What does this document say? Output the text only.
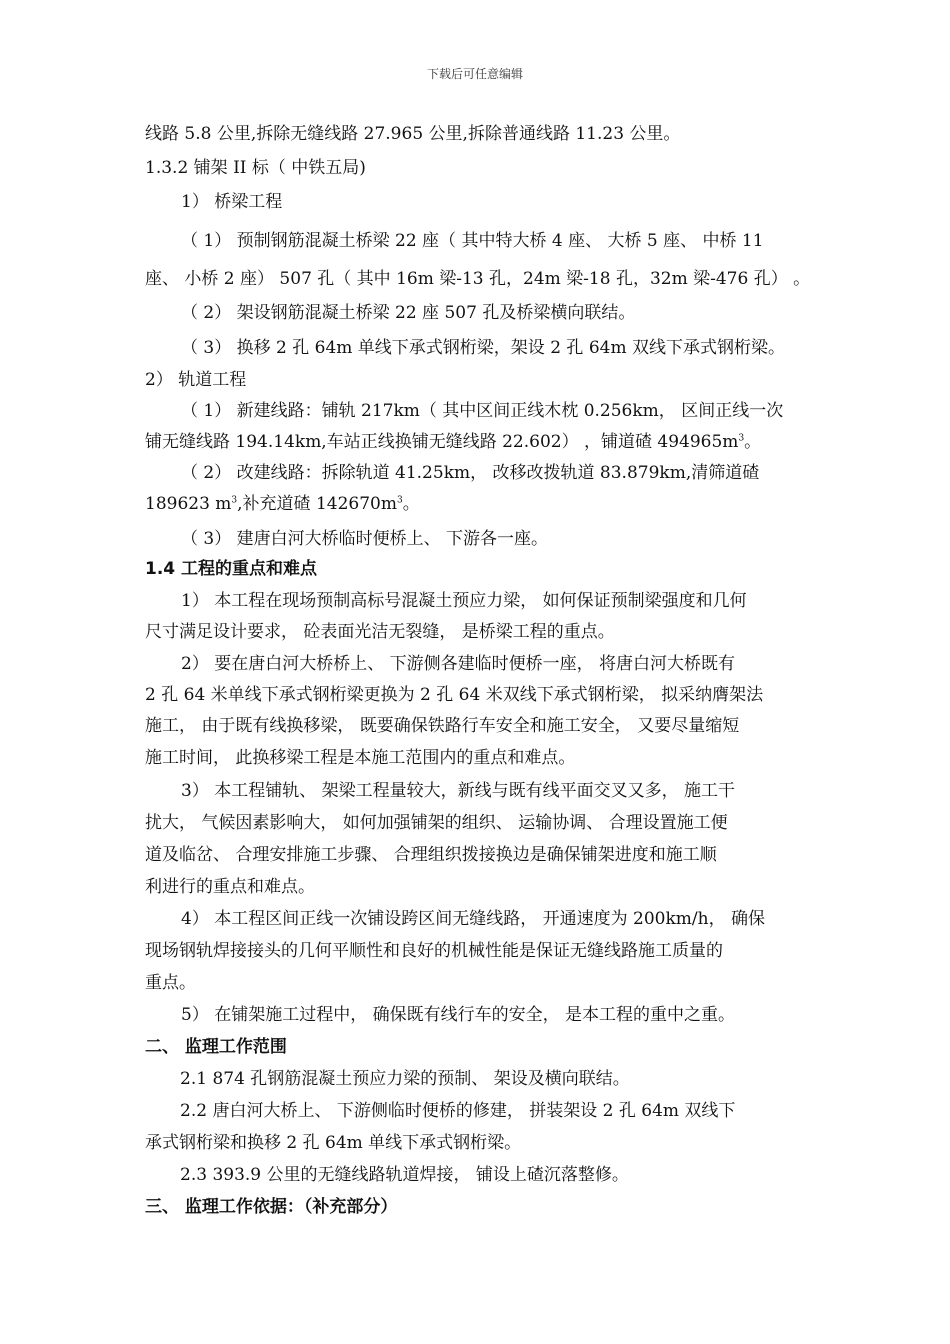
下载后可任意编辑
线路 5.8 公里,拆除无缝线路 27.965 公里,拆除普通线路 11.23 公里。
1.3.2 铺架 II 标（ 中铁五局)
1） 桥梁工程
（ 1） 预制钢筋混凝土桥梁 22 座（ 其中特大桥 4 座、 大桥 5 座、 中桥 11
座、 小桥 2 座） 507 孔（ 其中 16m 梁-13 孔，24m 梁-18 孔，32m 梁-476 孔） 。
（ 2） 架设钢筋混凝土桥梁 22 座 507 孔及桥梁横向联结。
（ 3） 换移 2 孔 64m 单线下承式钢桁梁，架设 2 孔 64m 双线下承式钢桁梁。
2） 轨道工程
（ 1） 新建线路：铺轨 217km（ 其中区间正线木枕 0.256km， 区间正线一次
铺无缝线路 194.14km,车站正线换铺无缝线路 22.602） ，铺道碴 $494965m^3$。
（ 2） 改建线路：拆除轨道 41.25km， 改移改拨轨道 83.879km,清筛道碴
189623 $m^3$,补充道碴 $142670m^3$。
（ 3） 建唐白河大桥临时便桥上、 下游各一座。
1.4 工程的重点和难点
1） 本工程在现场预制高标号混凝土预应力梁， 如何保证预制梁强度和几何
尺寸满足设计要求， 砼表面光洁无裂缝， 是桥梁工程的重点。
2） 要在唐白河大桥桥上、 下游侧各建临时便桥一座， 将唐白河大桥既有
2 孔 64 米单线下承式钢桁梁更换为 2 孔 64 米双线下承式钢桁梁， 拟采纳膺架法
施工， 由于既有线换移梁， 既要确保铁路行车安全和施工安全， 又要尽量缩短
施工时间， 此换移梁工程是本施工范围内的重点和难点。
3） 本工程铺轨、 架梁工程量较大，新线与既有线平面交叉又多， 施工干
扰大， 气候因素影响大， 如何加强铺架的组织、 运输协调、 合理设置施工便
道及临岔、 合理安排施工步骤、 合理组织拨接换边是确保铺架进度和施工顺
利进行的重点和难点。
4） 本工程区间正线一次铺设跨区间无缝线路， 开通速度为 200km/h， 确保
现场钢轨焊接接头的几何平顺性和良好的机械性能是保证无缝线路施工质量的
重点。
5） 在铺架施工过程中， 确保既有线行车的安全， 是本工程的重中之重。
二、 监理工作范围
2.1 874 孔钢筋混凝土预应力梁的预制、 架设及横向联结。
2.2 唐白河大桥上、 下游侧临时便桥的修建， 拼装架设 2 孔 64m 双线下
承式钢桁梁和换移 2 孔 64m 单线下承式钢桁梁。
2.3 393.9 公里的无缝线路轨道焊接， 铺设上碴沉落整修。
三、 监理工作依据：（补充部分）
